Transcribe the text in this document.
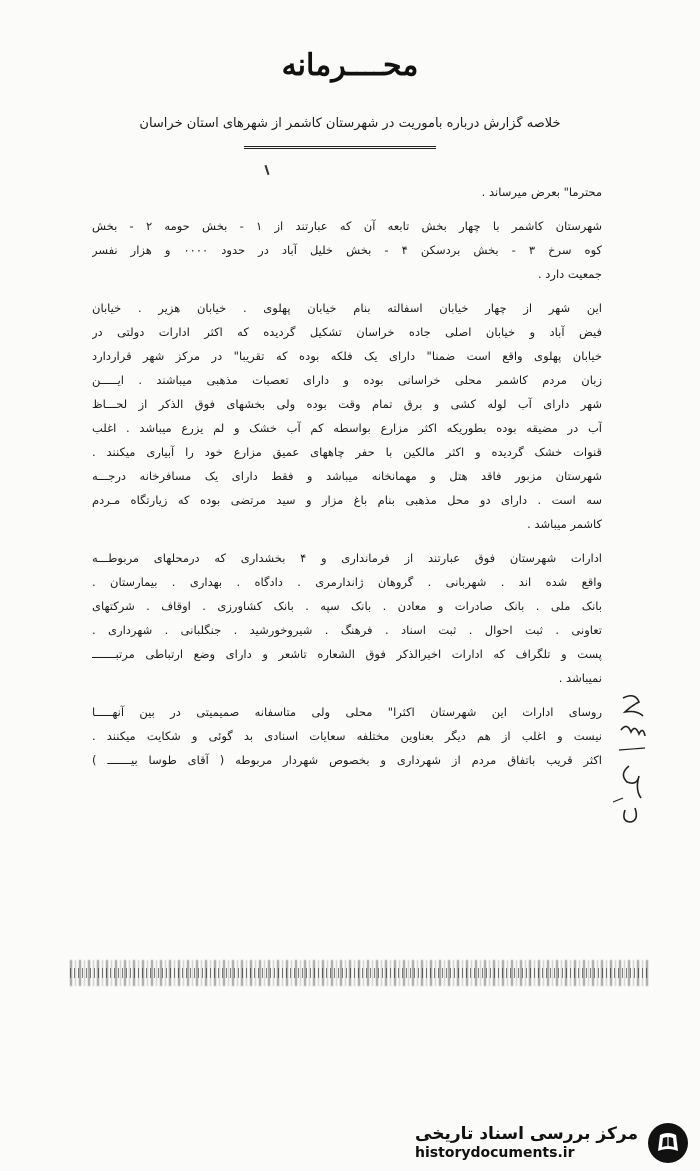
محــــرمانه
خلاصه گزارش درباره باموریت در شهرستان کاشمر از شهرهای استان خراسان
محترما" بعرض میرساند .
شهرستان کاشمر با چهار بخش تابعه آن که عبارتند از ۱ - بخش حومه ۲ - بخش
کوه سرخ ۳ - بخش بردسکن ۴ - بخش خلیل آباد در حدود ۰۰۰۰ و هزار نفسر
جمعیت دارد .
این شهر از چهار خیابان اسفالته بنام خیابان پهلوی . خیابان هزیر . خیابان
فیض آباد و خیابان اصلی جاده خراسان تشکیل گردیده که اکثر ادارات دولتی در
خیابان پهلوی واقع است ضمنا" دارای یک فلکه بوده که تقریبا" در مرکز شهر قراردارد
زبان مردم کاشمر محلی خراسانی بوده و دارای تعصبات مذهبی میباشند . ایـــــن
شهر دارای آب لوله کشی و برق تمام وقت بوده ولی بخشهای فوق الذکر از لحـــاظ
آب در مضیقه بوده بطوریکه اکثر مزارع بواسطه کم آب خشک و لم یزرع میباشد . اغلب
قنوات خشک گردیده و اکثر مالکین با حفر چاههای عمیق مزارع خود را آبیاری میکنند .
شهرستان مزبور فاقد هتل و مهمانخانه میباشد و فقط دارای یک مسافرخانه درجـــه
سه است . دارای دو محل مذهبی بنام باغ مزار و سید مرتضی بوده که زیارتگاه مـردم
کاشمر میباشد .
ادارات شهرستان فوق عبارتند از فرمانداری و ۴ بخشداری که درمحلهای مربوطـــه
واقع شده اند . شهربانی . گروهان ژاندارمری . دادگاه . بهداری . بیمارستان .
بانک ملی . بانک صادرات و معادن . بانک سپه . بانک کشاورزی . اوقاف . شرکتهای
تعاونی . ثبت احوال . ثبت اسناد . فرهنگ . شیروخورشید . جنگلبانی . شهرداری .
پست و تلگراف که ادارات اخیرالذکر فوق الشعاره تاشعر و دارای وضع ارتباطی مرتبـــــــ
نمیباشد .
روسای ادارات این شهرستان اکثرا" محلی ولی متاسفانه صمیمیتی در بین آنهـــــا
نیست و اغلب از هم دیگر بعناوین مختلفه سعایات اسنادی بد گوئی و شکایت میکنند .
اکثر قریب باتفاق مردم از شهرداری و بخصوص شهردار مربوطه ( آقای طوسا بیـــــــ )
مرکز بررسی اسناد تاریخی
historydocuments.ir
